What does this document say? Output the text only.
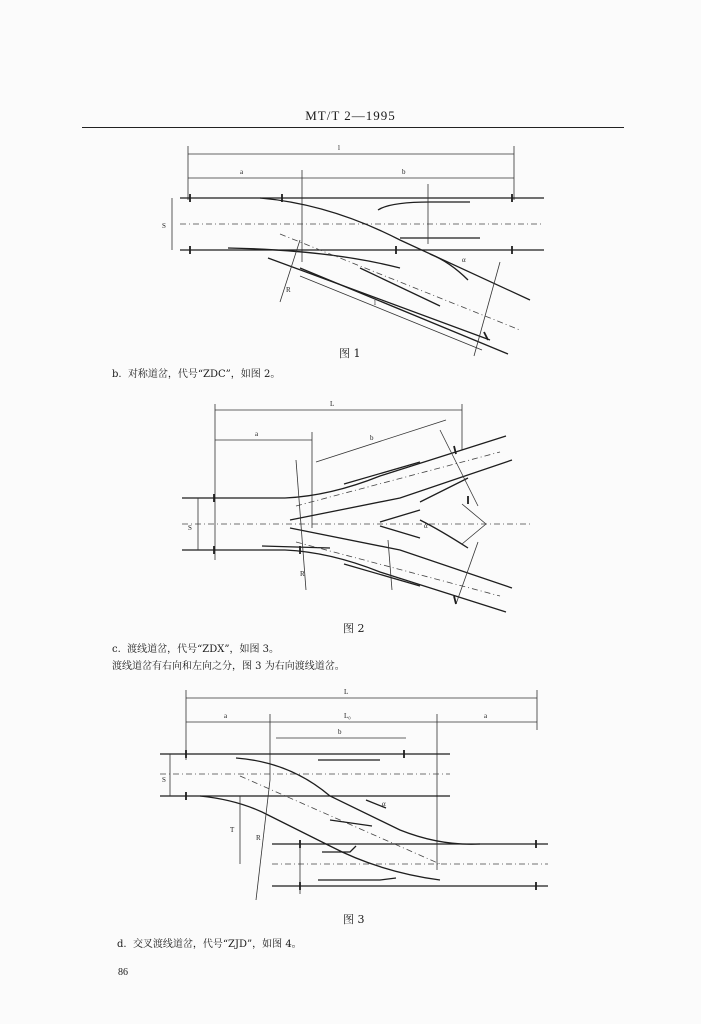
MT/T 2—1995
l
a	b
S
R
l
α
图 1
b.  对称道岔，代号“ZDC”，如图 2。
L
a	b
S
R
α
图 2
c.  渡线道岔，代号“ZDX”，如图 3。
渡线道岔有右向和左向之分，图 3 为右向渡线道岔。
L
a	L₀	a
b
S
T
R
α
图 3
d.  交叉渡线道岔，代号“ZJD”，如图 4。
86
